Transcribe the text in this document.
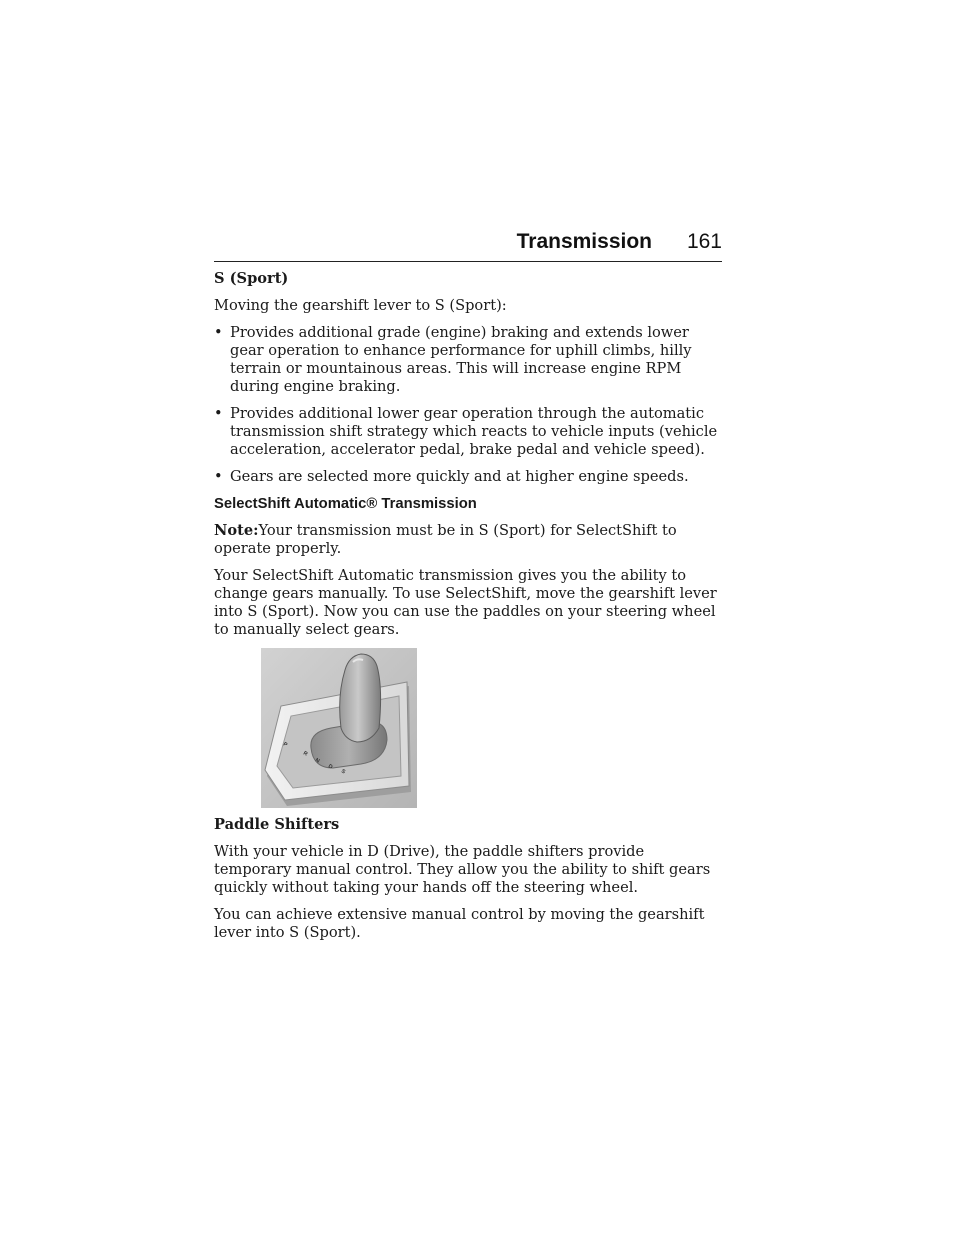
Transmission 161
S (Sport)

Moving the gearshift lever to S (Sport):

• Provides additional grade (engine) braking and extends lower gear operation to enhance performance for uphill climbs, hilly terrain or mountainous areas. This will increase engine RPM during engine braking.
• Provides additional lower gear operation through the automatic transmission shift strategy which reacts to vehicle inputs (vehicle acceleration, accelerator pedal, brake pedal and vehicle speed).
• Gears are selected more quickly and at higher engine speeds.
SelectShift Automatic® Transmission

Note:Your transmission must be in S (Sport) for SelectShift to operate properly.

Your SelectShift Automatic transmission gives you the ability to change gears manually. To use SelectShift, move the gearshift lever into S (Sport). Now you can use the paddles on your steering wheel to manually select gears.

P
R
N
D
S
Paddle Shifters

With your vehicle in D (Drive), the paddle shifters provide temporary manual control. They allow you the ability to shift gears quickly without taking your hands off the steering wheel.

You can achieve extensive manual control by moving the gearshift lever into S (Sport).
